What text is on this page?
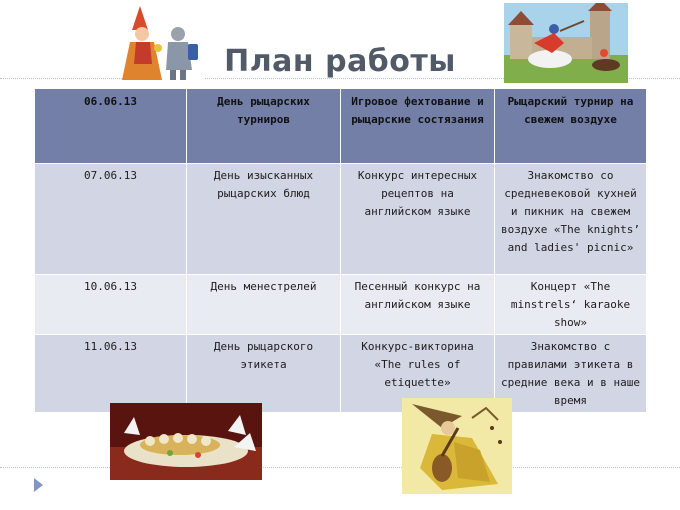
План работы
06.06.13	День рыцарских турниров	Игровое фехтование и рыцарские состязания	Рыцарский турнир на свежем воздухе
07.06.13	День изысканных рыцарских блюд	Конкурс интересных рецептов на английском языке	Знакомство со средневековой кухней и пикник на свежем воздухе «The knights’ and ladies' picnic»
10.06.13	День менестрелей	Песенный конкурс на английском языке	Концерт «The minstrels‘ karaoke show»
11.06.13	День рыцарского этикета	Конкурс-викторина «The rules of etiquette»	Знакомство с правилами этикета в средние века и в наше время
